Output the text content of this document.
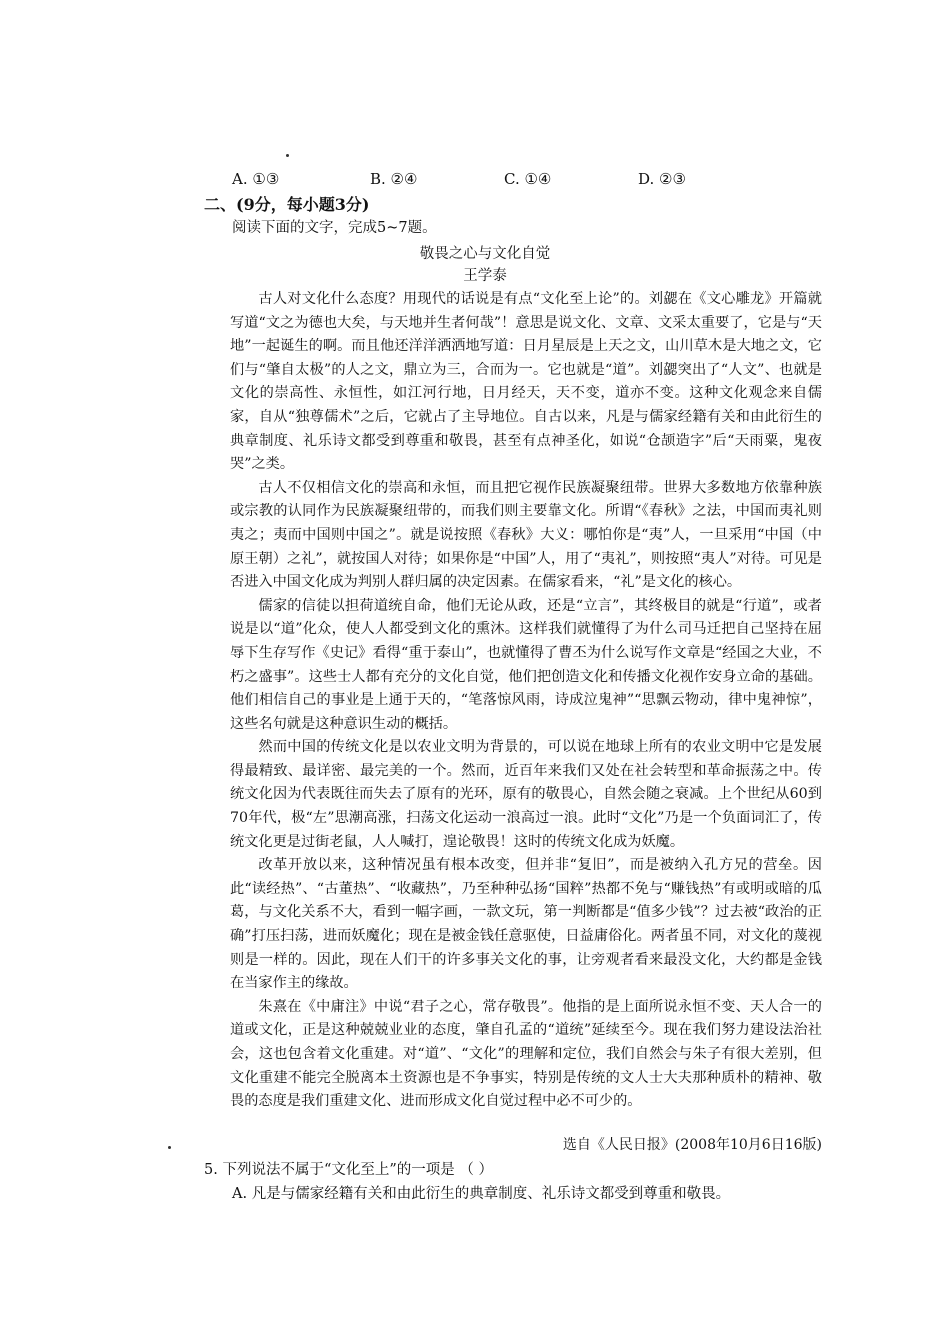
A. ①③	B. ②④	C. ①④	D. ②③
二、(9分，每小题3分)
阅读下面的文字，完成5~7题。
敬畏之心与文化自觉
王学泰

古人对文化什么态度？用现代的话说是有点“文化至上论”的。刘勰在《文心雕龙》开篇就写道“文之为德也大矣，与天地并生者何哉”！意思是说文化、文章、文采太重要了，它是与“天地”一起诞生的啊。而且他还洋洋洒洒地写道：日月星辰是上天之文，山川草木是大地之文，它们与“肇自太极”的人之文，鼎立为三，合而为一。它也就是“道”。刘勰突出了“人文”、也就是文化的崇高性、永恒性，如江河行地，日月经天，天不变，道亦不变。这种文化观念来自儒家，自从“独尊儒术”之后，它就占了主导地位。自古以来，凡是与儒家经籍有关和由此衍生的典章制度、礼乐诗文都受到尊重和敬畏，甚至有点神圣化，如说“仓颉造字”后“天雨粟，鬼夜哭”之类。

古人不仅相信文化的崇高和永恒，而且把它视作民族凝聚纽带。世界大多数地方依靠种族或宗教的认同作为民族凝聚纽带的，而我们则主要靠文化。所谓“《春秋》之法，中国而夷礼则夷之；夷而中国则中国之”。就是说按照《春秋》大义：哪怕你是“夷”人，一旦采用“中国（中原王朝）之礼”，就按国人对待；如果你是“中国”人，用了“夷礼”，则按照“夷人”对待。可见是否进入中国文化成为判别人群归属的决定因素。在儒家看来，“礼”是文化的核心。

儒家的信徒以担荷道统自命，他们无论从政，还是“立言”，其终极目的就是“行道”，或者说是以“道”化众，使人人都受到文化的熏沐。这样我们就懂得了为什么司马迁把自己坚持在屈辱下生存写作《史记》看得“重于泰山”，也就懂得了曹丕为什么说写作文章是“经国之大业，不朽之盛事”。这些士人都有充分的文化自觉，他们把创造文化和传播文化视作安身立命的基础。他们相信自己的事业是上通于天的，“笔落惊风雨，诗成泣鬼神”“思飘云物动，律中鬼神惊”，这些名句就是这种意识生动的概括。

然而中国的传统文化是以农业文明为背景的，可以说在地球上所有的农业文明中它是发展得最精致、最详密、最完美的一个。然而，近百年来我们又处在社会转型和革命振荡之中。传统文化因为代表既往而失去了原有的光环，原有的敬畏心，自然会随之衰减。上个世纪从60到70年代，极“左”思潮高涨，扫荡文化运动一浪高过一浪。此时“文化”乃是一个负面词汇了，传统文化更是过街老鼠，人人喊打，遑论敬畏！这时的传统文化成为妖魔。

改革开放以来，这种情况虽有根本改变，但并非“复旧”，而是被纳入孔方兄的营垒。因此“读经热”、“古董热”、“收藏热”，乃至种种弘扬“国粹”热都不免与“赚钱热”有或明或暗的瓜葛，与文化关系不大，看到一幅字画，一款文玩，第一判断都是“值多少钱”？过去被“政治的正确”打压扫荡，进而妖魔化；现在是被金钱任意驱使，日益庸俗化。两者虽不同，对文化的蔑视则是一样的。因此，现在人们干的许多事关文化的事，让旁观者看来最没文化，大约都是金钱在当家作主的缘故。

朱熹在《中庸注》中说“君子之心，常存敬畏”。他指的是上面所说永恒不变、天人合一的道或文化，正是这种兢兢业业的态度，肇自孔孟的“道统”延续至今。现在我们努力建设法治社会，这也包含着文化重建。对“道”、“文化”的理解和定位，我们自然会与朱子有很大差别，但文化重建不能完全脱离本土资源也是不争事实，特别是传统的文人士大夫那种质朴的精神、敬畏的态度是我们重建文化、进而形成文化自觉过程中必不可少的。

选自《人民日报》(2008年10月6日16版)
5. 下列说法不属于“文化至上”的一项是 （ ）
A. 凡是与儒家经籍有关和由此衍生的典章制度、礼乐诗文都受到尊重和敬畏。
